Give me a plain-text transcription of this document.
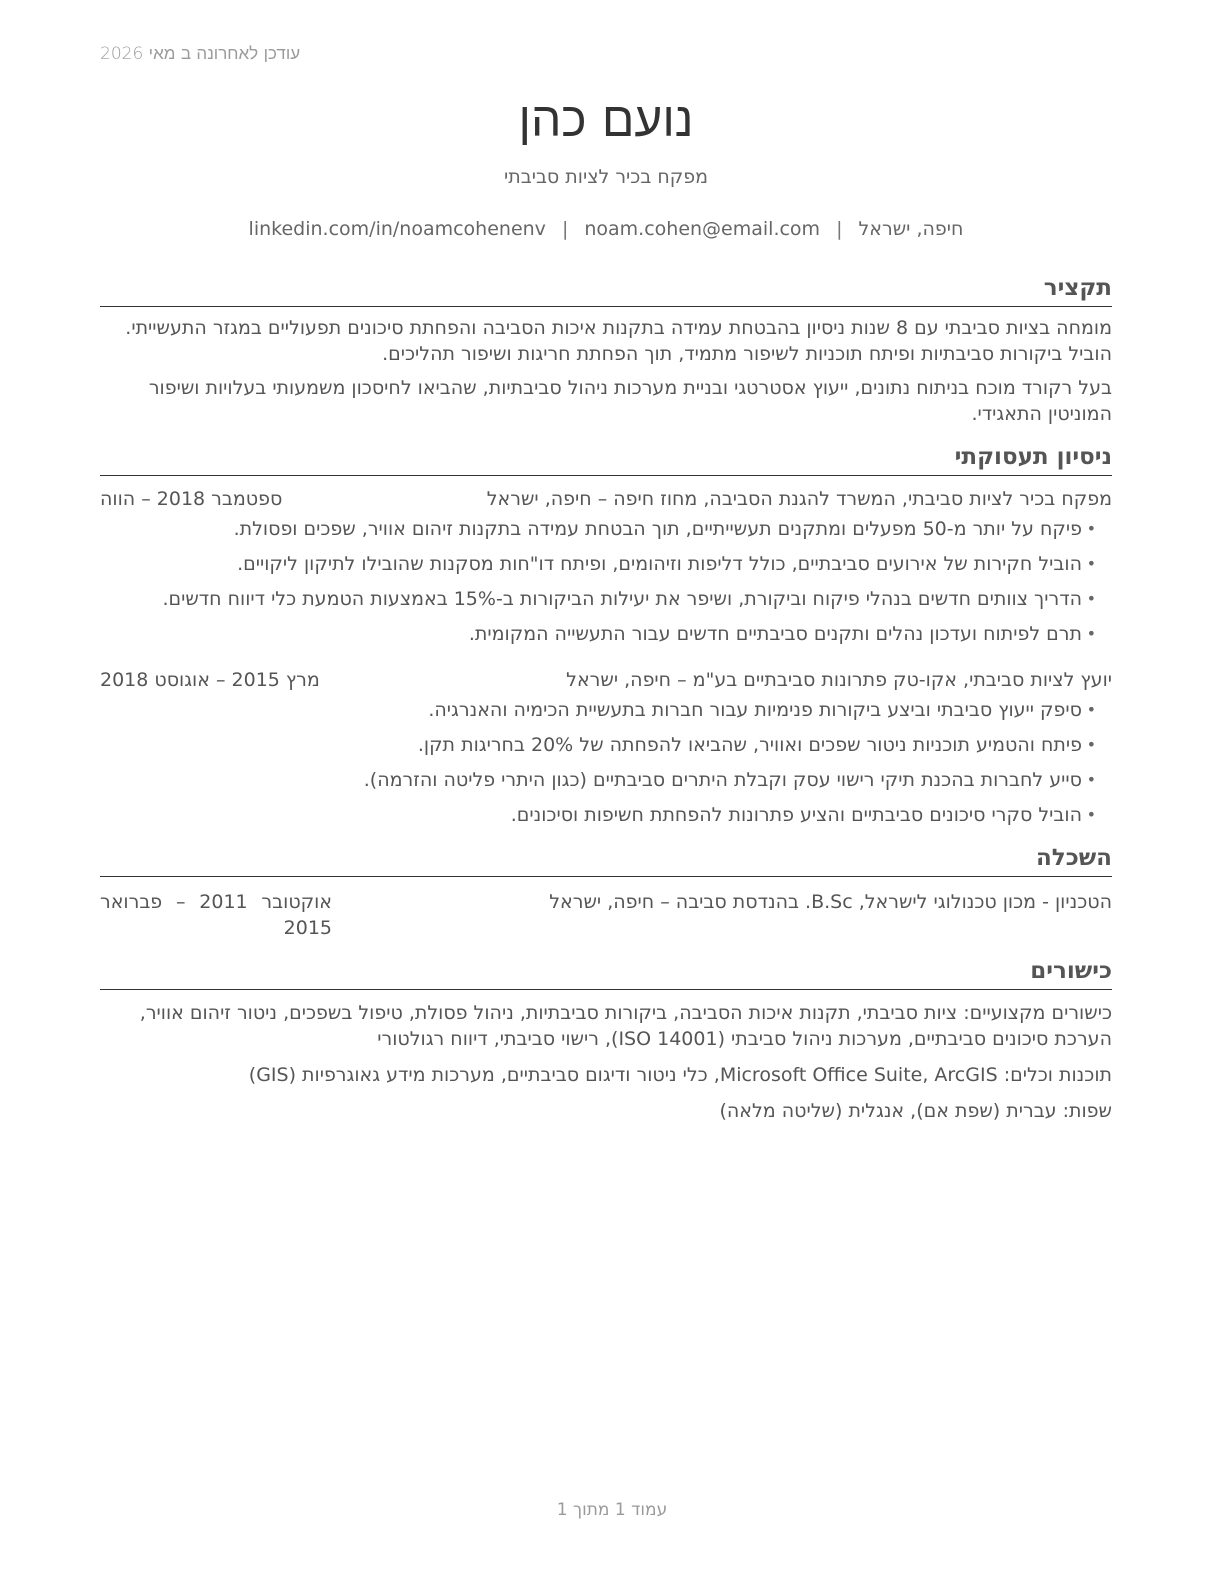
עודכן לאחרונה ב מאי 2026
נועם כהן
מפקח בכיר לציות סביבתי
חיפה, ישראל|noam.cohen@email.com|linkedin.com/in/noamcohenenv
תקציר

מומחה בציות סביבתי עם 8 שנות ניסיון בהבטחת עמידה בתקנות איכות הסביבה והפחתת סיכונים תפעוליים במגזר התעשייתי. הוביל ביקורות סביבתיות ופיתח תוכניות לשיפור מתמיד, תוך הפחתת חריגות ושיפור תהליכים.

בעל רקורד מוכח בניתוח נתונים, ייעוץ אסטרטגי ובניית מערכות ניהול סביבתיות, שהביאו לחיסכון משמעותי בעלויות ושיפור המוניטין התאגידי.

ניסיון תעסוקתי
מפקח בכיר לציות סביבתי, המשרד להגנת הסביבה, מחוז חיפה – חיפה, ישראל
ספטמבר 2018 – הווה
• פיקח על יותר מ-50 מפעלים ומתקנים תעשייתיים, תוך הבטחת עמידה בתקנות זיהום אוויר, שפכים ופסולת.
• הוביל חקירות של אירועים סביבתיים, כולל דליפות וזיהומים, ופיתח דו"חות מסקנות שהובילו לתיקון ליקויים.
• הדריך צוותים חדשים בנהלי פיקוח וביקורת, ושיפר את יעילות הביקורות ב-15% באמצעות הטמעת כלי דיווח חדשים.
• תרם לפיתוח ועדכון נהלים ותקנים סביבתיים חדשים עבור התעשייה המקומית.
יועץ לציות סביבתי, אקו-טק פתרונות סביבתיים בע"מ – חיפה, ישראל
מרץ 2015 – אוגוסט 2018
• סיפק ייעוץ סביבתי וביצע ביקורות פנימיות עבור חברות בתעשיית הכימיה והאנרגיה.
• פיתח והטמיע תוכניות ניטור שפכים ואוויר, שהביאו להפחתה של 20% בחריגות תקן.
• סייע לחברות בהכנת תיקי רישוי עסק וקבלת היתרים סביבתיים (כגון היתרי פליטה והזרמה).
• הוביל סקרי סיכונים סביבתיים והציע פתרונות להפחתת חשיפות וסיכונים.
השכלה
הטכניון - מכון טכנולוגי לישראל, B.Sc. בהנדסת סביבה – חיפה, ישראל
אוקטובר 2011 – פברואר 2015
כישורים
כישורים מקצועיים: ציות סביבתי, תקנות איכות הסביבה, ביקורות סביבתיות, ניהול פסולת, טיפול בשפכים, ניטור זיהום אוויר, הערכת סיכונים סביבתיים, מערכות ניהול סביבתי (ISO 14001), רישוי סביבתי, דיווח רגולטורי
תוכנות וכלים: Microsoft Office Suite, ArcGIS, כלי ניטור ודיגום סביבתיים, מערכות מידע גאוגרפיות (GIS)
שפות: עברית (שפת אם), אנגלית (שליטה מלאה)
עמוד 1 מתוך 1
